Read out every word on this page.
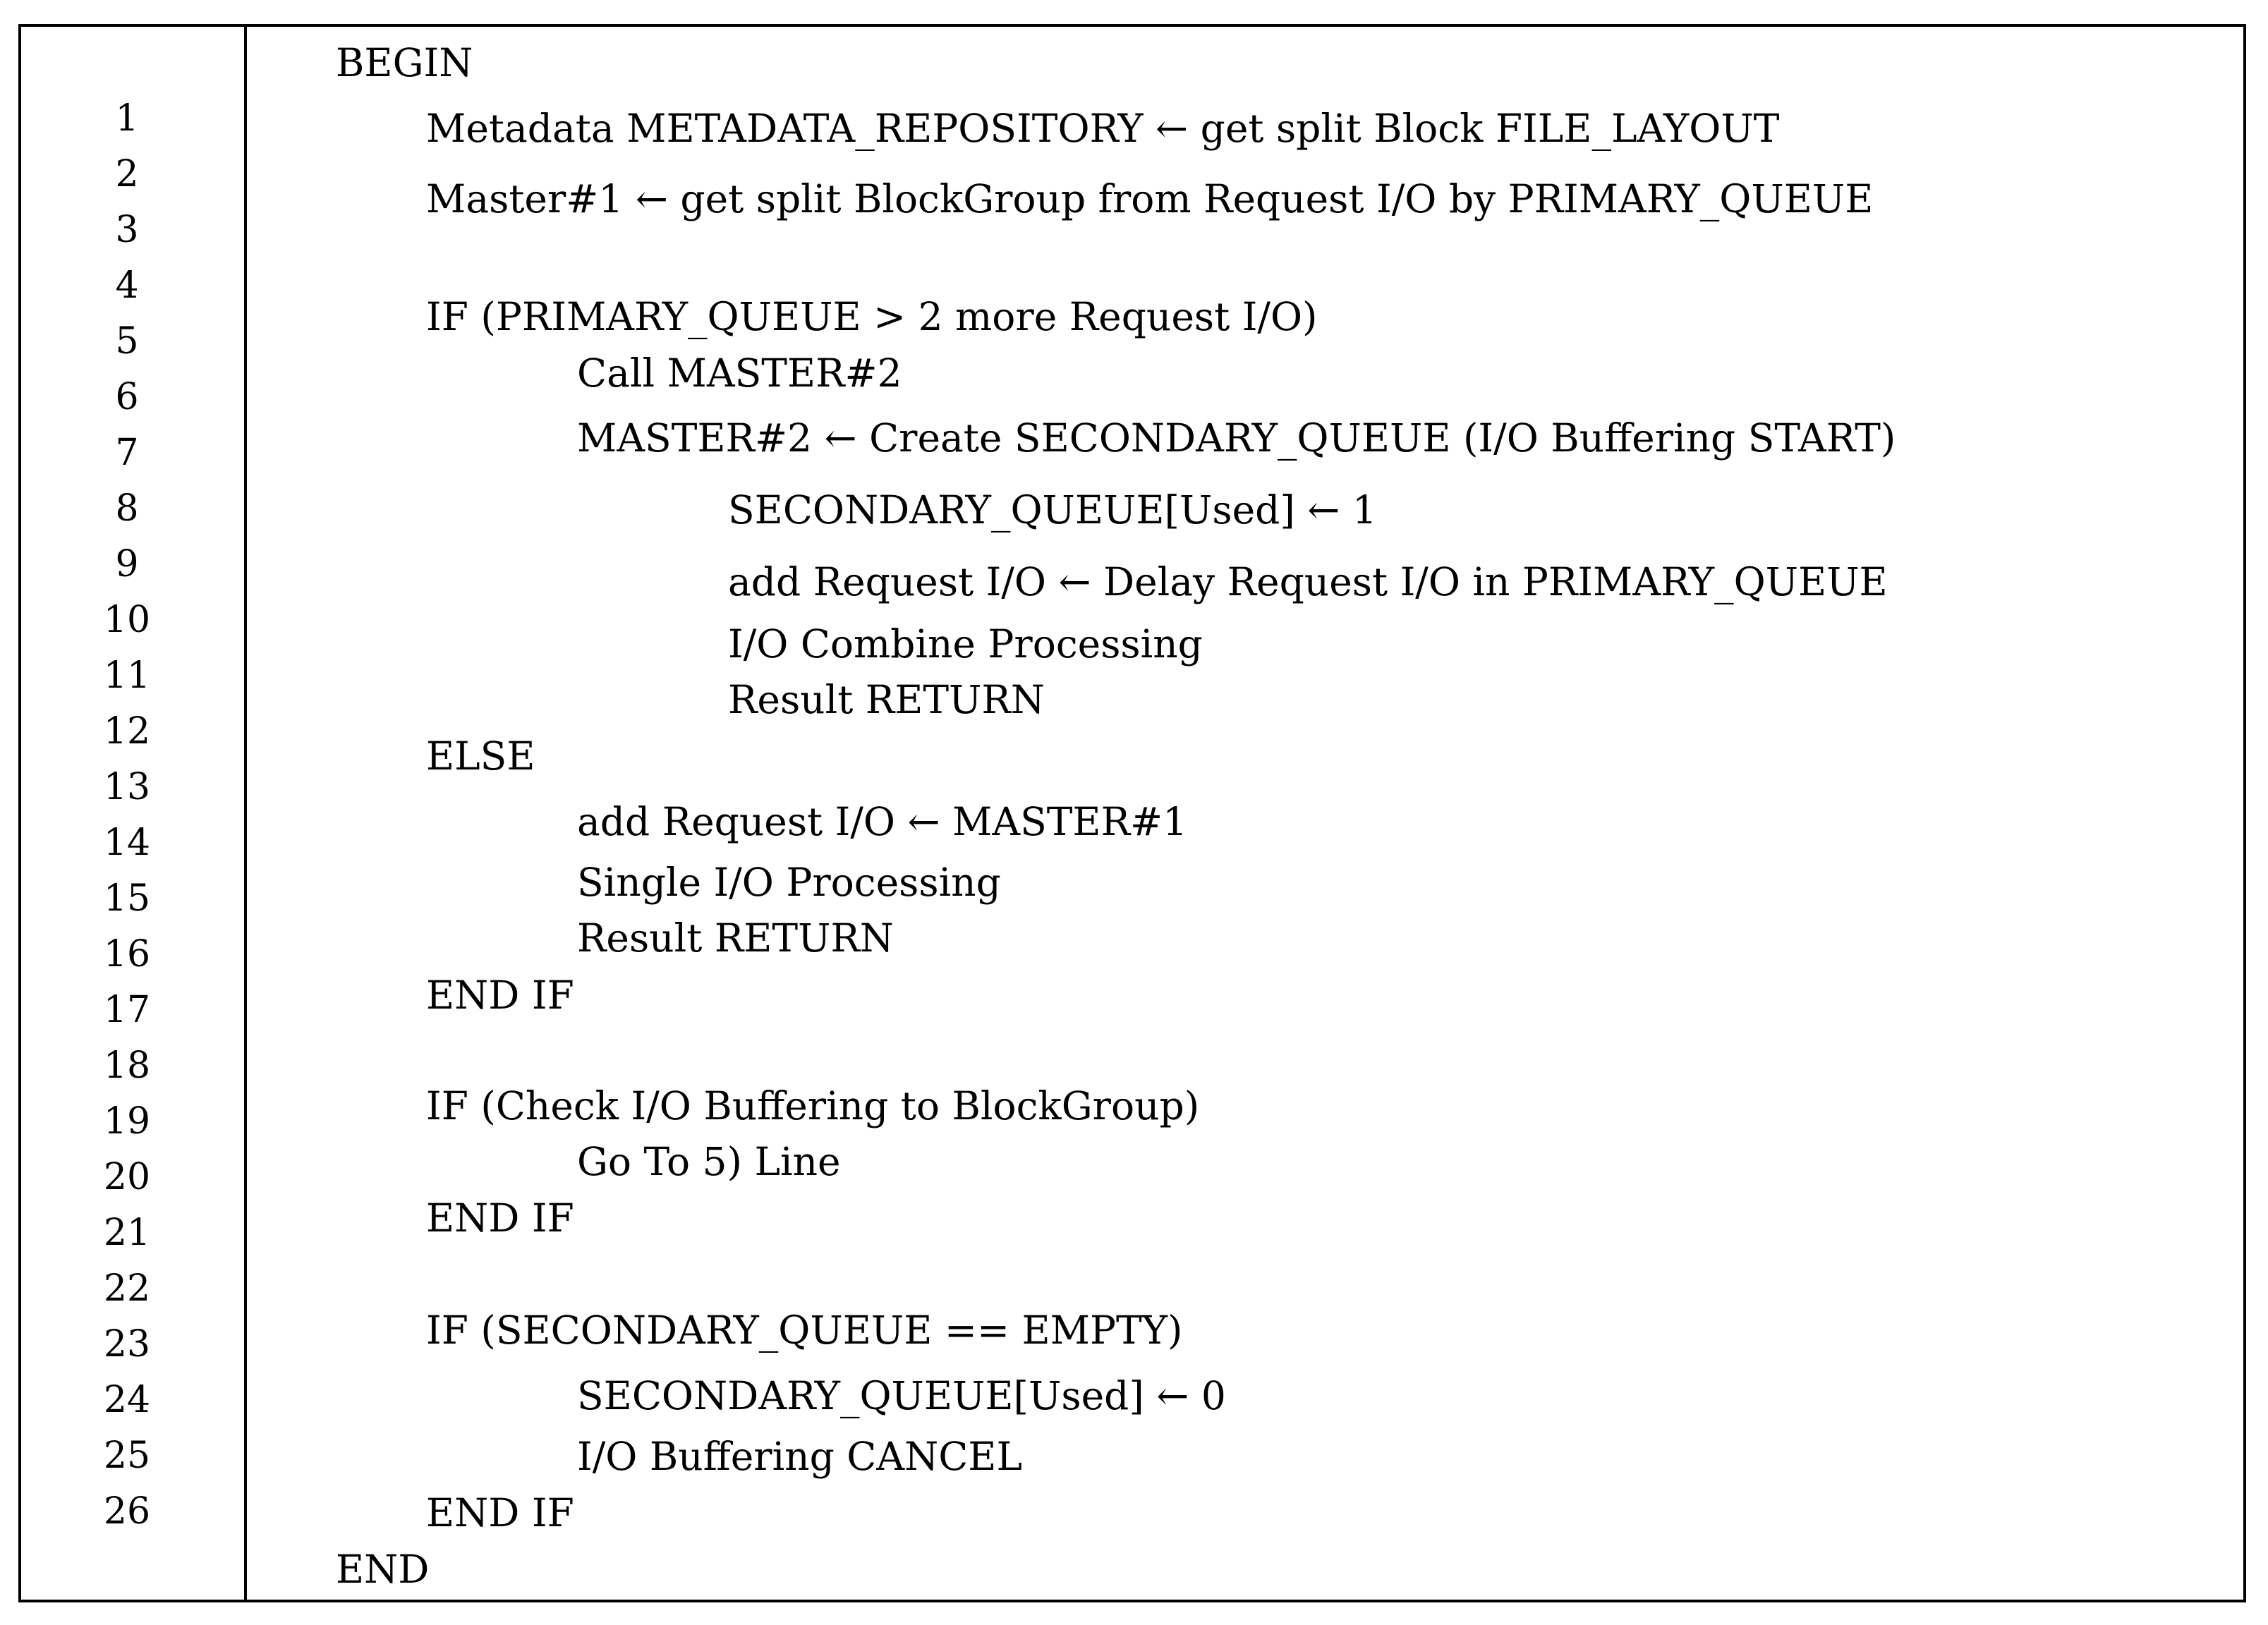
1
2
3
4
5
6
7
8
9
10
11
12
13
14
15
16
17
18
19
20
21
22
23
24
25
26
BEGIN
Metadata METADATA_REPOSITORY ← get split Block FILE_LAYOUT
Master#1 ← get split BlockGroup from Request I/O by PRIMARY_QUEUE
IF (PRIMARY_QUEUE > 2 more Request I/O)
Call MASTER#2
MASTER#2 ← Create SECONDARY_QUEUE (I/O Buffering START)
SECONDARY_QUEUE[Used] ← 1
add Request I/O ← Delay Request I/O in PRIMARY_QUEUE
I/O Combine Processing
Result RETURN
ELSE
add Request I/O ← MASTER#1
Single I/O Processing
Result RETURN
END IF
IF (Check I/O Buffering to BlockGroup)
Go To 5) Line
END IF
IF (SECONDARY_QUEUE == EMPTY)
SECONDARY_QUEUE[Used] ← 0
I/O Buffering CANCEL
END IF
END
